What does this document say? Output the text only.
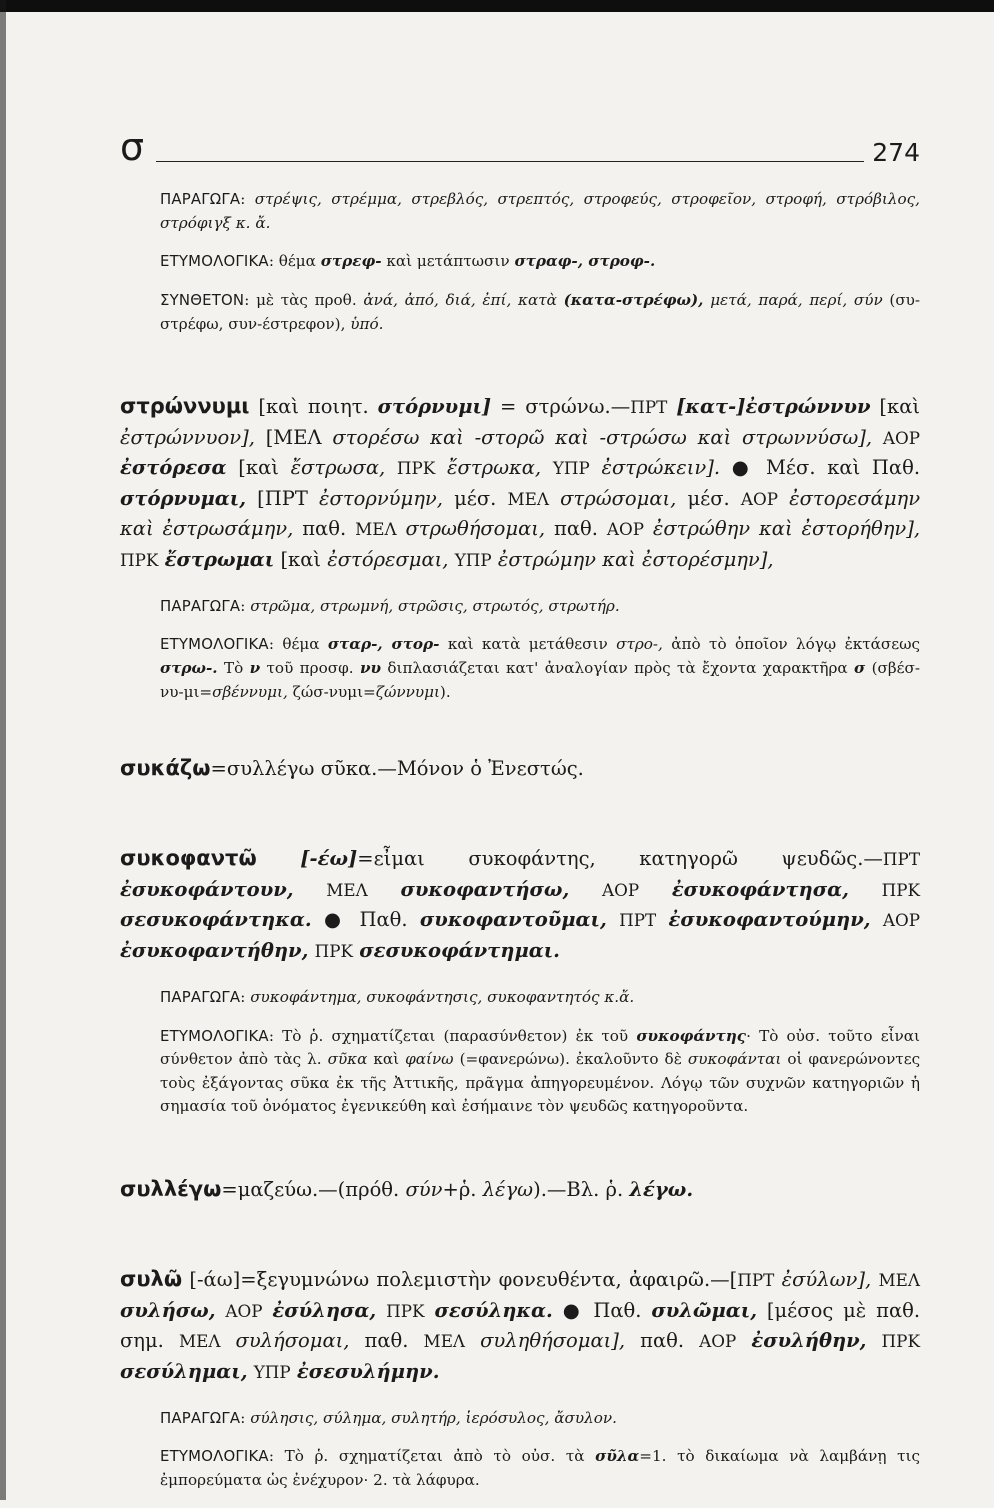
σ	274

ΠΑΡΑΓΩΓΑ: στρέψις, στρέμμα, στρεβλός, στρεπτός, στροφεύς, στροφεῖον, στροφή, στρόβιλος, στρόφιγξ κ. ἄ.

ΕΤΥΜΟΛΟΓΙΚΑ: θέμα στρεφ- καὶ μετάπτωσιν στραφ-, στροφ-.

ΣΥΝΘΕΤΟΝ: μὲ τὰς προθ. ἀνά, ἀπό, διά, ἐπί, κατὰ (κατα-στρέφω), μετά, παρά, περί, σύν (συ-στρέφω, συν-έστρεφον), ὑπό.

στρώννυμι [καὶ ποιητ. στόρνυμι] = στρώνω.—ΠΡΤ [κατ-]ἐστρώννυν [καὶ ἐστρώννυον], [ΜΕΛ στορέσω καὶ -στορῶ καὶ -στρώσω καὶ στρωννύσω], ΑΟΡ ἐστόρεσα [καὶ ἔστρωσα, ΠΡΚ ἔστρωκα, ΥΠΡ ἐστρώκειν]. ● Μέσ. καὶ Παθ. στόρνυμαι, [ΠΡΤ ἐστορνύμην, μέσ. ΜΕΛ στρώσομαι, μέσ. ΑΟΡ ἐστορεσάμην καὶ ἐστρωσάμην, παθ. ΜΕΛ στρωθήσομαι, παθ. ΑΟΡ ἐστρώθην καὶ ἐστορήθην], ΠΡΚ ἔστρωμαι [καὶ ἐστόρεσμαι, ΥΠΡ ἐστρώμην καὶ ἐστορέσμην],

ΠΑΡΑΓΩΓΑ: στρῶμα, στρωμνή, στρῶσις, στρωτός, στρωτήρ.

ΕΤΥΜΟΛΟΓΙΚΑ: θέμα σταρ-, στορ- καὶ κατὰ μετάθεσιν στρο-, ἀπὸ τὸ ὁποῖον λόγῳ ἐκτάσεως στρω-. Τὸ ν τοῦ προσφ. νυ διπλασιάζεται κατ' ἀναλογίαν πρὸς τὰ ἔχοντα χαρακτῆρα σ (σβέσ-νυ-μι=σβέννυμι, ζώσ-νυμι=ζώννυμι).

συκάζω=συλλέγω σῦκα.—Μόνον ὁ Ἐνεστώς.

συκοφαντῶ [-έω]=εἶμαι συκοφάντης, κατηγορῶ ψευδῶς.—ΠΡΤ ἐσυκοφάντουν, ΜΕΛ συκοφαντήσω, ΑΟΡ ἐσυκοφάντησα, ΠΡΚ σεσυκοφάντηκα. ● Παθ. συκοφαντοῦμαι, ΠΡΤ ἐσυκοφαντούμην, ΑΟΡ ἐσυκοφαντήθην, ΠΡΚ σεσυκοφάντημαι.

ΠΑΡΑΓΩΓΑ: συκοφάντημα, συκοφάντησις, συκοφαντητός κ.ἄ.

ΕΤΥΜΟΛΟΓΙΚΑ: Τὸ ῥ. σχηματίζεται (παρασύνθετον) ἐκ τοῦ συκοφάντης· Τὸ οὐσ. τοῦτο εἶναι σύνθετον ἀπὸ τὰς λ. σῦκα καὶ φαίνω (=φανερώνω). ἐκαλοῦντο δὲ συκοφάνται οἱ φανερώνοντες τοὺς ἐξάγοντας σῦκα ἐκ τῆς Ἀττικῆς, πρᾶγμα ἀπηγορευμένον. Λόγῳ τῶν συχνῶν κατηγοριῶν ἡ σημασία τοῦ ὀνόματος ἐγενικεύθη καὶ ἐσήμαινε τὸν ψευδῶς κατηγοροῦντα.

συλλέγω=μαζεύω.—(πρόθ. σύν+ῥ. λέγω).—Βλ. ῥ. λέγω.

συλῶ [-άω]=ξεγυμνώνω πολεμιστὴν φονευθέντα, ἀφαιρῶ.—[ΠΡΤ ἐσύλων], ΜΕΛ συλήσω, ΑΟΡ ἐσύλησα, ΠΡΚ σεσύληκα. ● Παθ. συλῶμαι, [μέσος μὲ παθ. σημ. ΜΕΛ συλήσομαι, παθ. ΜΕΛ συληθήσομαι], παθ. ΑΟΡ ἐσυλήθην, ΠΡΚ σεσύλημαι, ΥΠΡ ἐσεσυλήμην.

ΠΑΡΑΓΩΓΑ: σύλησις, σύλημα, συλητήρ, ἱερόσυλος, ἄσυλον.

ΕΤΥΜΟΛΟΓΙΚΑ: Τὸ ῥ. σχηματίζεται ἀπὸ τὸ οὐσ. τὰ σῦλα=1. τὸ δικαίωμα νὰ λαμβάνῃ τις ἐμπορεύματα ὡς ἐνέχυρον· 2. τὰ λάφυρα.
